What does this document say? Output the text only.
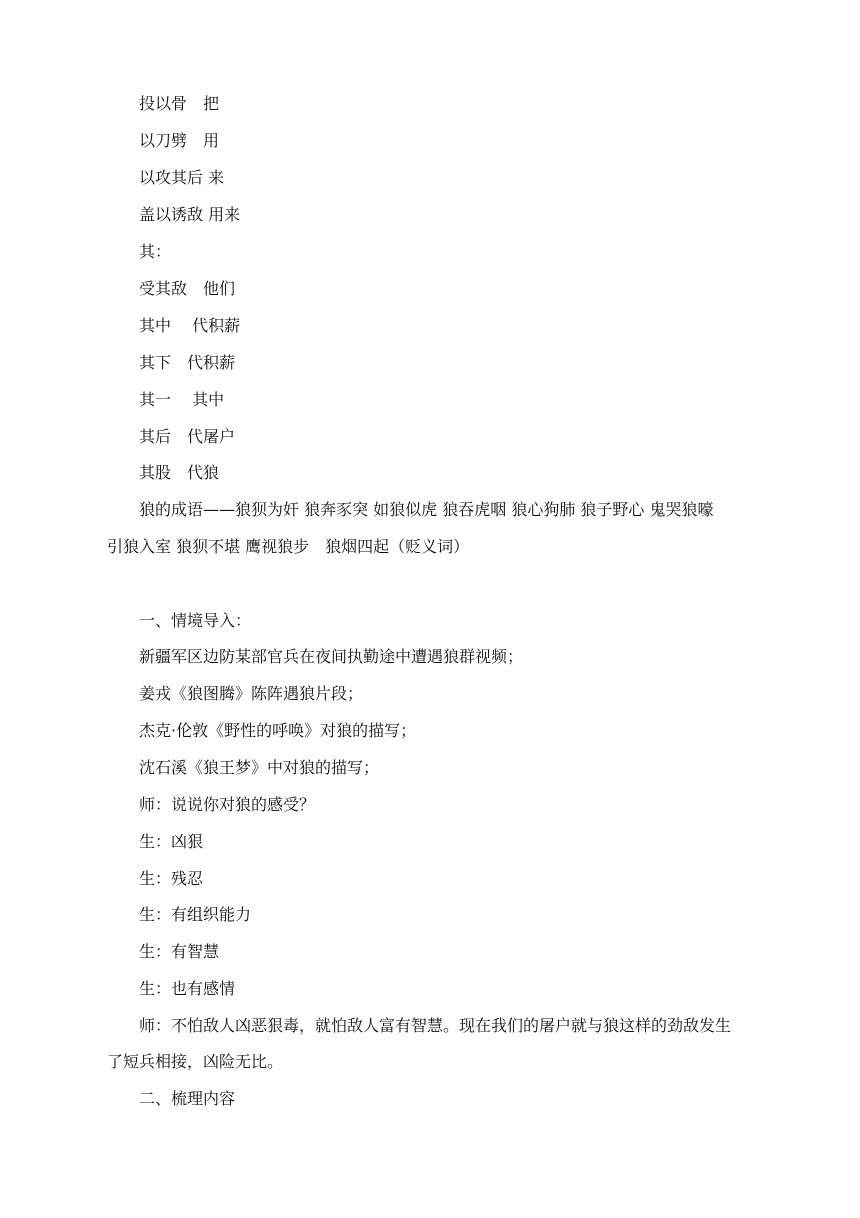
投以骨　把
以刀劈　用
以攻其后 来
盖以诱敌 用来
其：
受其敌　他们
其中　 代积薪
其下　代积薪
其一　 其中
其后　代屠户
其股　代狼
狼的成语——狼狈为奸 狼奔豕突 如狼似虎 狼吞虎咽 狼心狗肺 狼子野心 鬼哭狼嚎
引狼入室 狼狈不堪 鹰视狼步　狼烟四起（贬义词）
一、情境导入：
新疆军区边防某部官兵在夜间执勤途中遭遇狼群视频；
姜戎《狼图腾》陈阵遇狼片段；
杰克·伦敦《野性的呼唤》对狼的描写；
沈石溪《狼王梦》中对狼的描写；
师：说说你对狼的感受？
生：凶狠
生：残忍
生：有组织能力
生：有智慧
生：也有感情
师：不怕敌人凶恶狠毒，就怕敌人富有智慧。现在我们的屠户就与狼这样的劲敌发生
了短兵相接，凶险无比。
二、梳理内容
